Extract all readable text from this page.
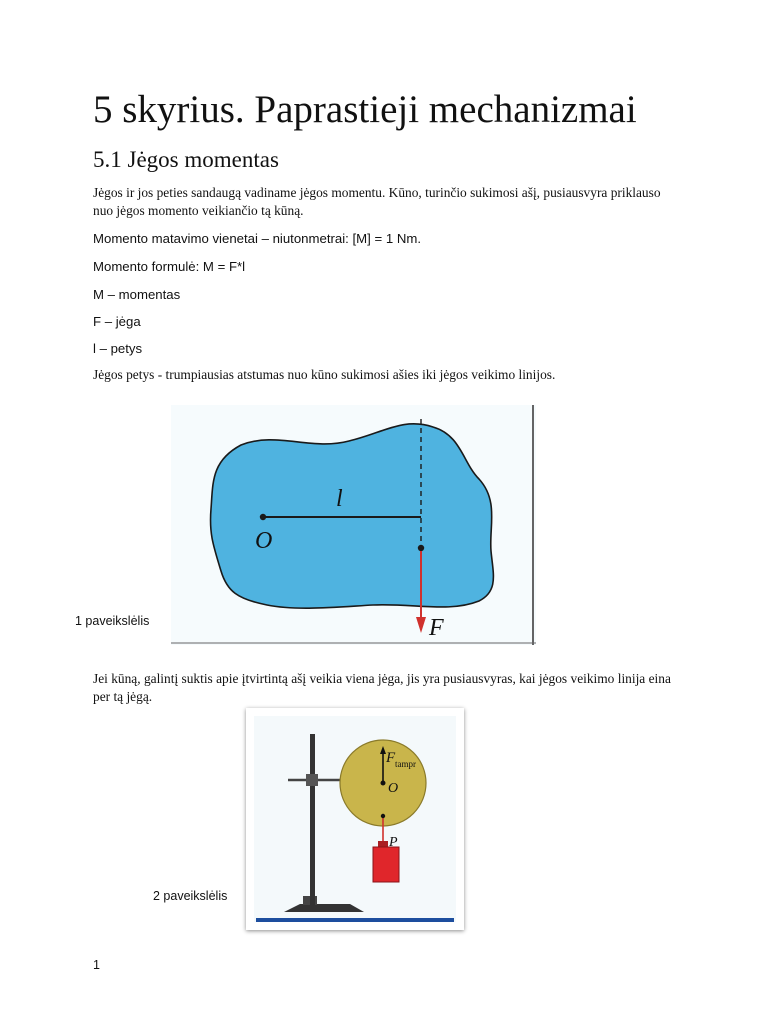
5 skyrius. Paprastieji mechanizmai
5.1 Jėgos momentas
Jėgos ir jos peties sandaugą vadiname jėgos momentu. Kūno, turinčio sukimosi ašį, pusiausvyra priklauso nuo jėgos momento veikiančio tą kūną.
Momento matavimo vienetai – niutonmetrai: [M] = 1 Nm.
Momento formulė: M = F*l
M – momentas
F – jėga
l – petys
Jėgos petys - trumpiausias atstumas nuo kūno sukimosi ašies iki jėgos veikimo linijos.
O
l
F
1 paveikslėlis
Jei kūną, galintį suktis apie įtvirtintą ašį veikia viena jėga, jis yra pusiausvyras, kai jėgos veikimo linija eina per tą jėgą.
F tampr
O
P
2 paveikslėlis
1
